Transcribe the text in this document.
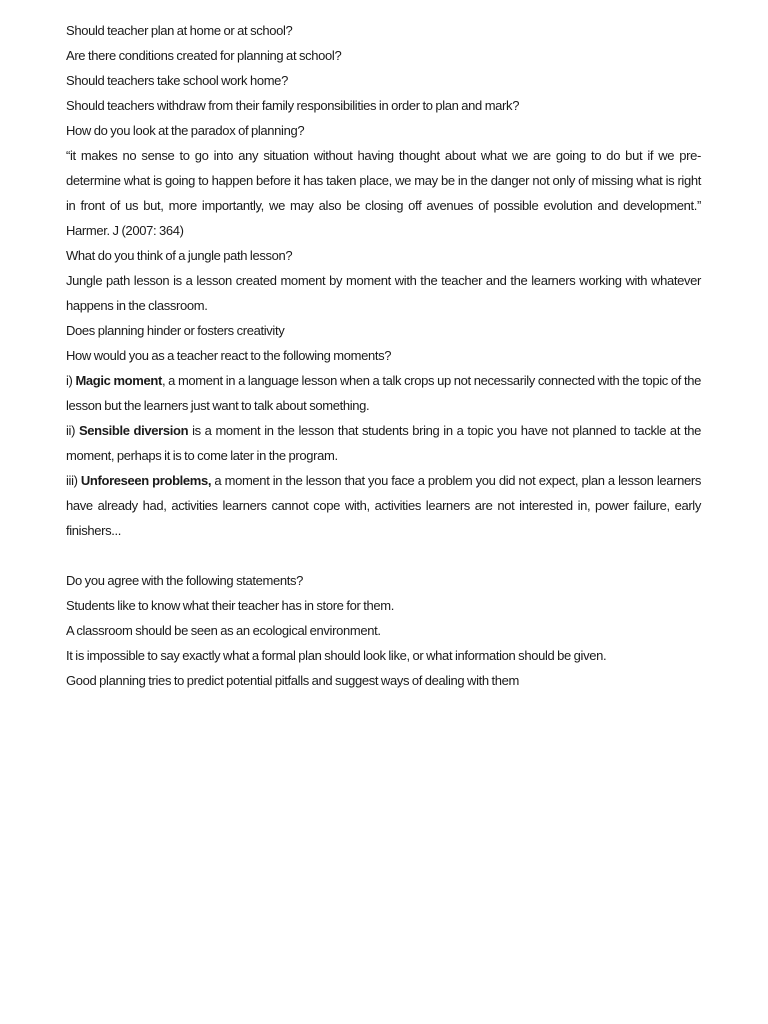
Should teacher plan at home or at school?

Are there conditions created for planning at school?

Should teachers take school work home?

Should teachers withdraw from their family responsibilities in order to plan and mark?

How do you look at the paradox of planning?

“it makes no sense to go into any situation without having thought about what we are going to do but if we pre-determine what is going to happen before it has taken place, we may be in the danger not only of missing what is right in front of us but, more importantly, we may also be closing off avenues of possible evolution and development.” Harmer. J (2007: 364)

What do you think of a jungle path lesson?

Jungle path lesson is a lesson created moment by moment with the teacher and the learners working with whatever happens in the classroom.

Does planning hinder or fosters creativity

How would you as a teacher react to the following moments?

i) Magic moment, a moment in a language lesson when a talk crops up not necessarily connected with the topic of the lesson but the learners just want to talk about something.

ii) Sensible diversion is a moment in the lesson that students bring in a topic you have not planned to tackle at the moment, perhaps it is to come later in the program.

iii) Unforeseen problems, a moment in the lesson that you face a problem you did not expect, plan a lesson learners have already had, activities learners cannot cope with, activities learners are not interested in, power failure, early finishers...

Do you agree with the following statements?

Students like to know what their teacher has in store for them.

A classroom should be seen as an ecological environment.

It is impossible to say exactly what a formal plan should look like, or what information should be given.

Good planning tries to predict potential pitfalls and suggest ways of dealing with them
